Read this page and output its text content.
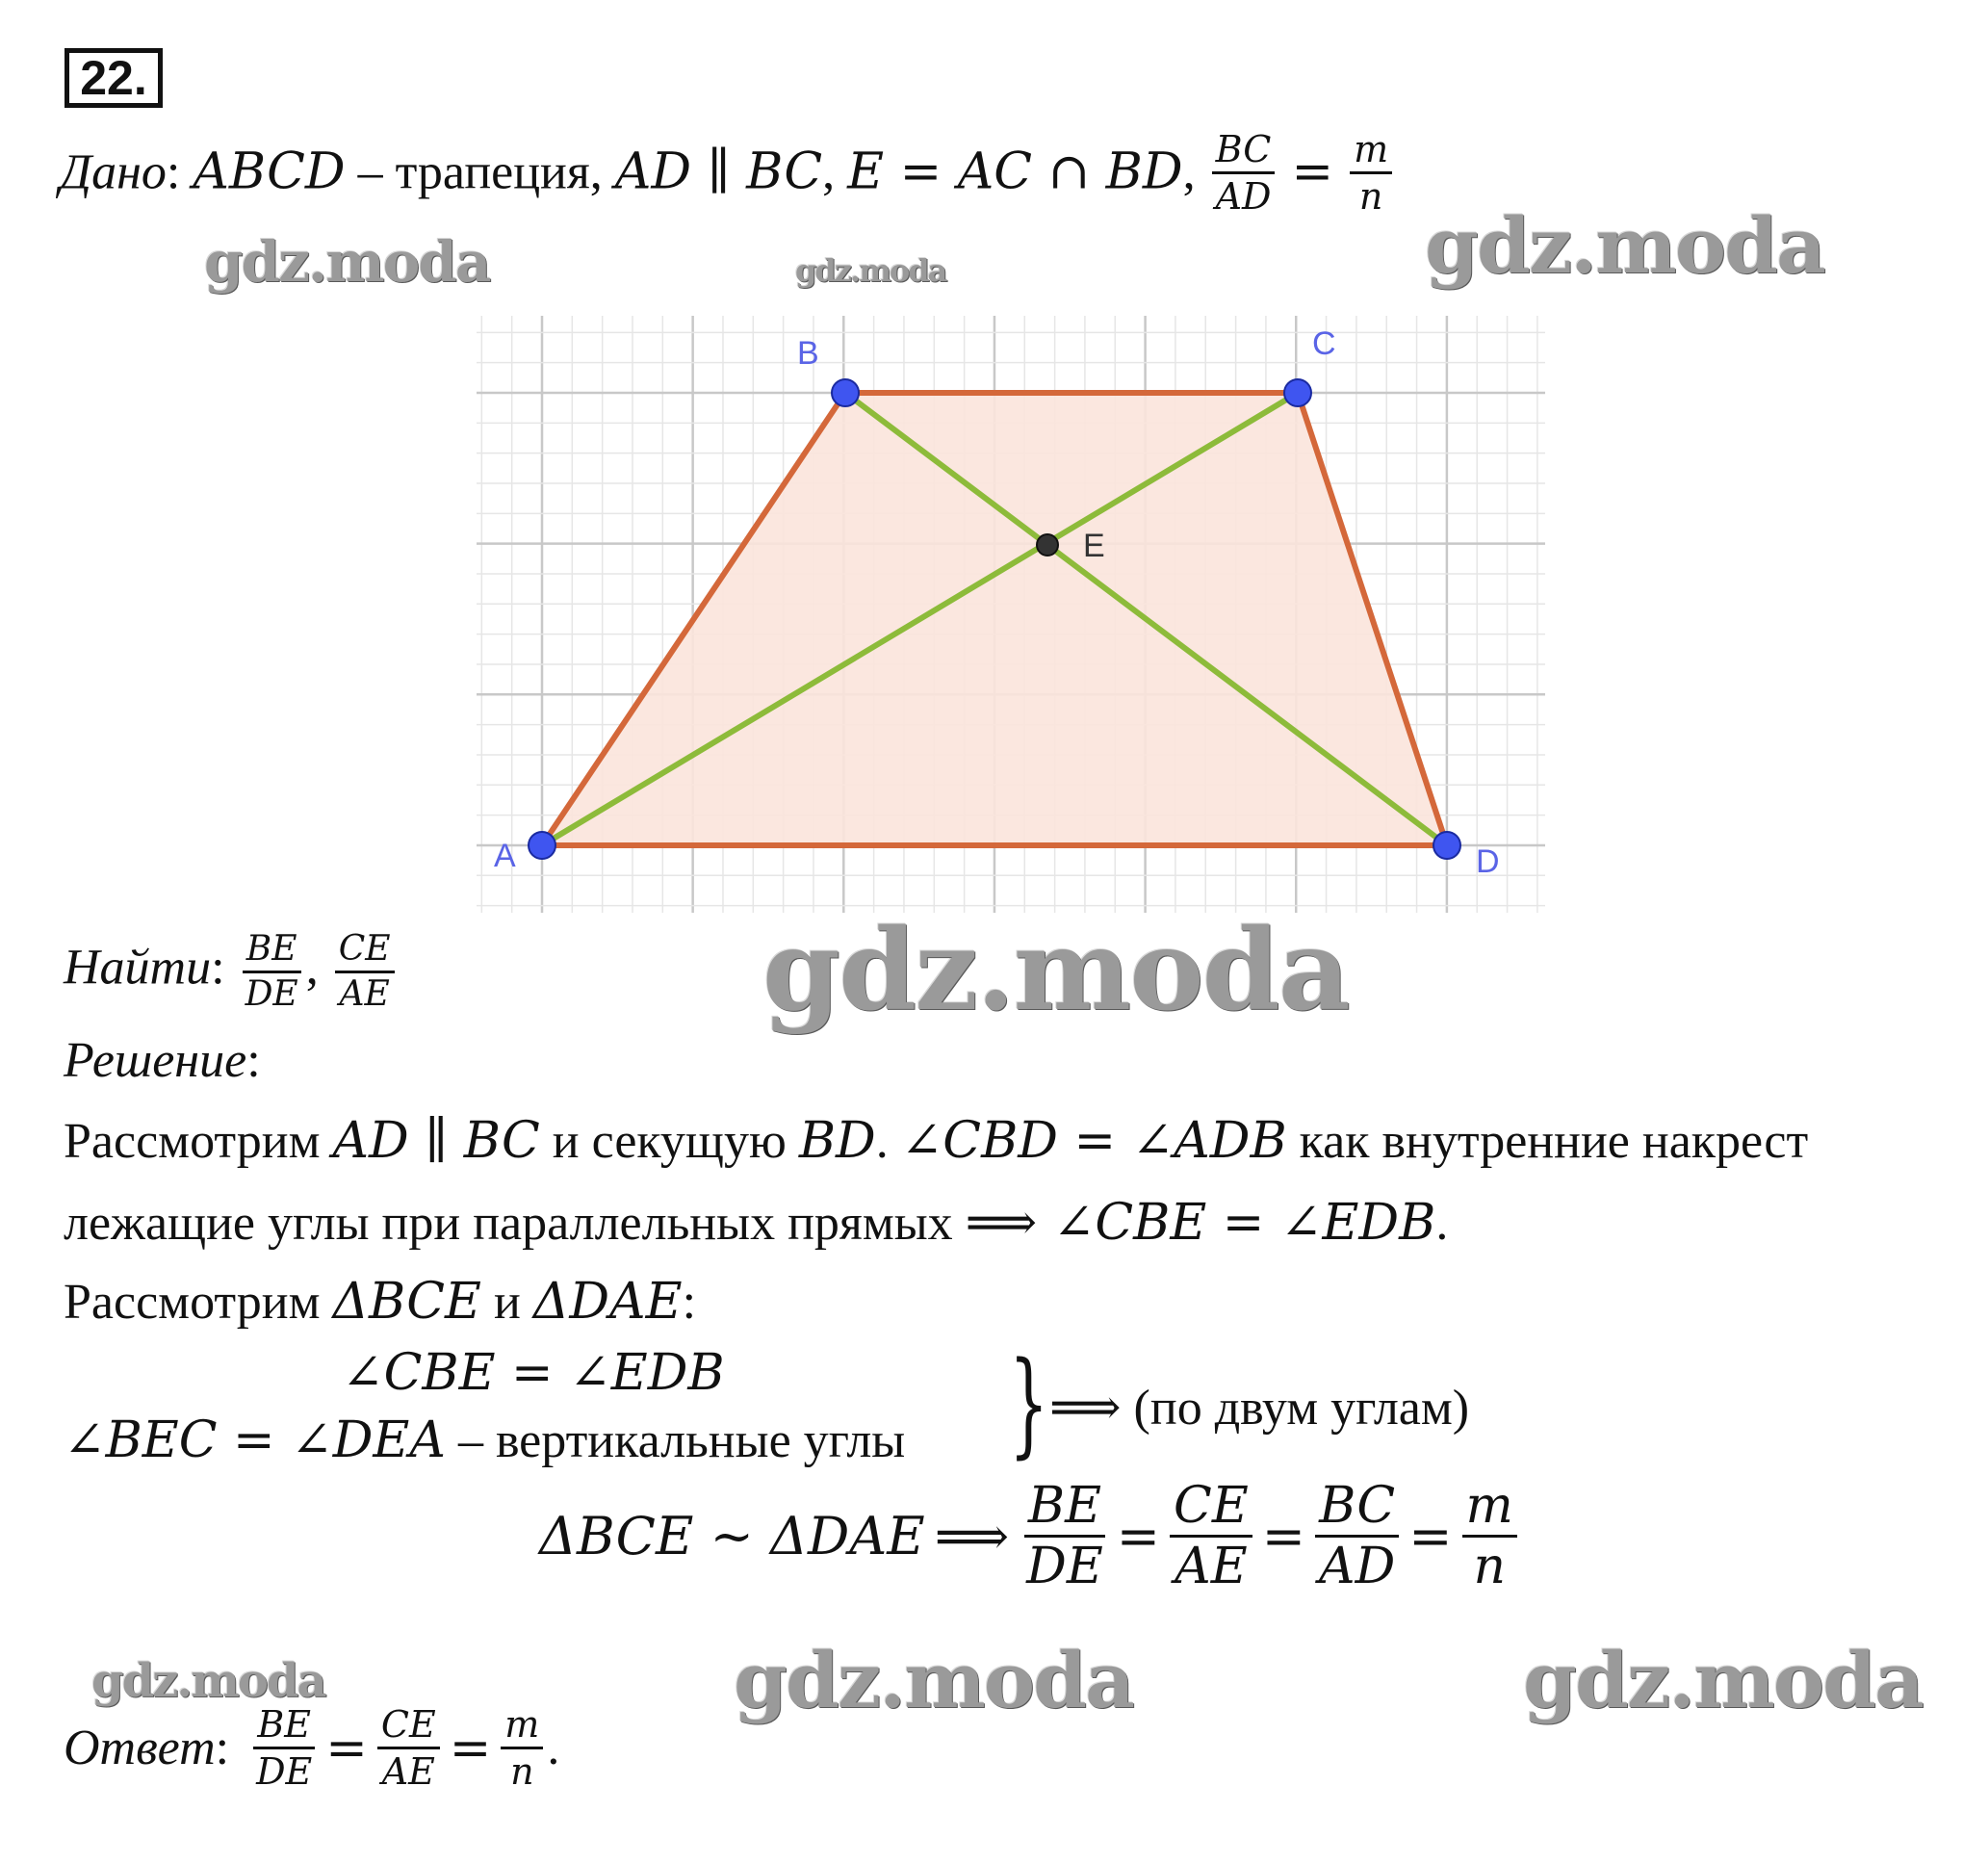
22.
Дано: ABCD – трапеция, AD ∥ BC, E = AC ∩ BD, $\frac{BC}{AD} = \frac{m}{n}$
gdz.moda	gdz.moda	gdz.moda
gdz.moda
gdz.moda	gdz.moda	gdz.moda
A
B	C
D
E
Найти: $\frac{BE}{DE}$ , $\frac{CE}{AE}$
Решение:
Рассмотрим AD ∥ BC и секущую BD. ∠CBD = ∠ADB как внутренние накрест
лежащие углы при параллельных прямых ⟹ ∠CBE = ∠EDB.
Рассмотрим ΔBCE и ΔDAE:
∠CBE = ∠EDB
∠BEC = ∠DEA – вертикальные углы } ⟹ (по двум углам)
ΔBCE ~ ΔDAE ⟹ $\frac{BE}{DE} = \frac{CE}{AE} = \frac{BC}{AD} = \frac{m}{n}$
Ответ : $\frac{BE}{DE} = \frac{CE}{AE} = \frac{m}{n}$ .
